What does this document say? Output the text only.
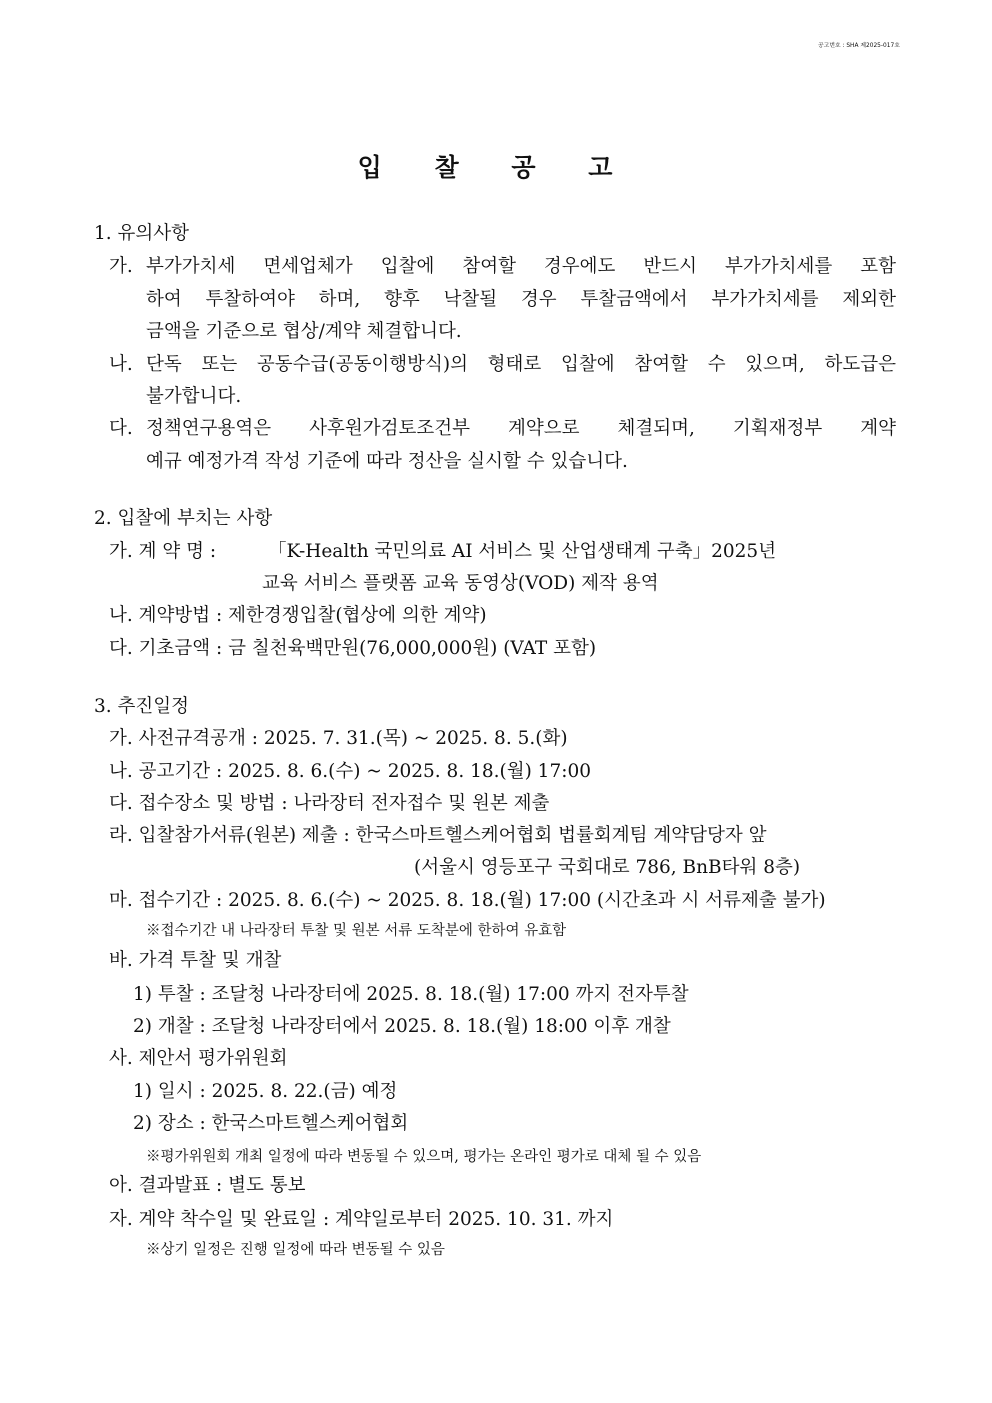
공고번호 : SHA 제2025-017호
입 찰 공 고
1. 유의사항
가. 부가가치세 면세업체가 입찰에 참여할 경우에도 반드시 부가가치세를 포함
하여 투찰하여야 하며, 향후 낙찰될 경우 투찰금액에서 부가가치세를 제외한
금액을 기준으로 협상/계약 체결합니다.
나. 단독 또는 공동수급(공동이행방식)의 형태로 입찰에 참여할 수 있으며, 하도급은
불가합니다.
다. 정책연구용역은 사후원가검토조건부 계약으로 체결되며, 기획재정부 계약
예규 예정가격 작성 기준에 따라 정산을 실시할 수 있습니다.
2. 입찰에 부치는 사항
가. 계 약 명 :	「K-Health 국민의료 AI 서비스 및 산업생태계 구축」2025년
교육 서비스 플랫폼 교육 동영상(VOD) 제작 용역
나. 계약방법 : 제한경쟁입찰(협상에 의한 계약)
다. 기초금액 : 금 칠천육백만원(76,000,000원) (VAT 포함)
3. 추진일정
가. 사전규격공개 : 2025. 7. 31.(목) ~ 2025. 8. 5.(화)
나. 공고기간 : 2025. 8. 6.(수) ~ 2025. 8. 18.(월) 17:00
다. 접수장소 및 방법 : 나라장터 전자접수 및 원본 제출
라. 입찰참가서류(원본) 제출 : 한국스마트헬스케어협회 법률회계팀 계약담당자 앞
(서울시 영등포구 국회대로 786, BnB타워 8층)
마. 접수기간 : 2025. 8. 6.(수) ~ 2025. 8. 18.(월) 17:00 (시간초과 시 서류제출 불가)
※접수기간 내 나라장터 투찰 및 원본 서류 도착분에 한하여 유효함
바. 가격 투찰 및 개찰
1) 투찰 : 조달청 나라장터에 2025. 8. 18.(월) 17:00 까지 전자투찰
2) 개찰 : 조달청 나라장터에서 2025. 8. 18.(월) 18:00 이후 개찰
사. 제안서 평가위원회
1) 일시 : 2025. 8. 22.(금) 예정
2) 장소 : 한국스마트헬스케어협회
※평가위원회 개최 일정에 따라 변동될 수 있으며, 평가는 온라인 평가로 대체 될 수 있음
아. 결과발표 : 별도 통보
자. 계약 착수일 및 완료일 : 계약일로부터 2025. 10. 31. 까지
※상기 일정은 진행 일정에 따라 변동될 수 있음
